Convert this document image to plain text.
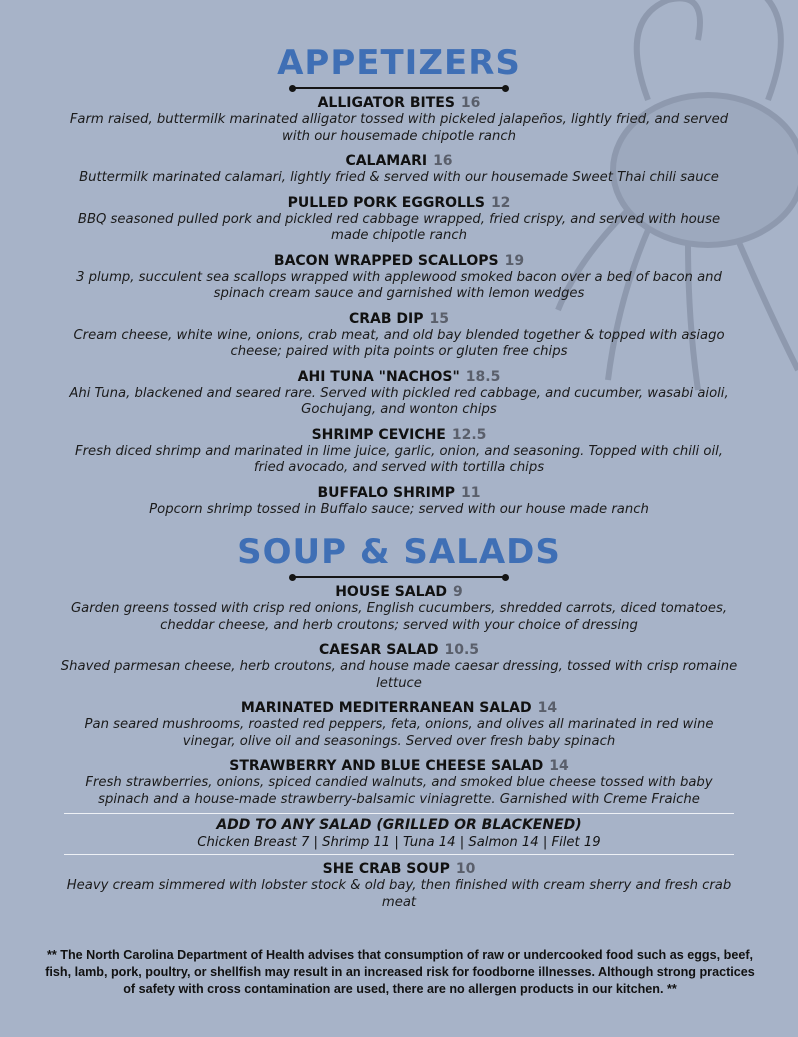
APPETIZERS
ALLIGATOR BITES 16
Farm raised, buttermilk marinated alligator tossed with pickeled jalapeños, lightly fried, and served with our housemade chipotle ranch
CALAMARI 16
Buttermilk marinated calamari, lightly fried & served with our housemade Sweet Thai chili sauce
PULLED PORK EGGROLLS 12
BBQ seasoned pulled pork and pickled red cabbage wrapped, fried crispy, and served with house made chipotle ranch
BACON WRAPPED SCALLOPS 19
3 plump, succulent sea scallops wrapped with applewood smoked bacon over a bed of bacon and spinach cream sauce and garnished with lemon wedges
CRAB DIP 15
Cream cheese, white wine, onions, crab meat, and old bay blended together & topped with asiago cheese; paired with pita points or gluten free chips
AHI TUNA "NACHOS" 18.5
Ahi Tuna, blackened and seared rare. Served with pickled red cabbage, and cucumber, wasabi aioli, Gochujang, and wonton chips
SHRIMP CEVICHE 12.5
Fresh diced shrimp and marinated in lime juice, garlic, onion, and seasoning. Topped with chili oil, fried avocado, and served with tortilla chips
BUFFALO SHRIMP 11
Popcorn shrimp tossed in Buffalo sauce; served with our house made ranch
SOUP & SALADS
HOUSE SALAD 9
Garden greens tossed with crisp red onions, English cucumbers, shredded carrots, diced tomatoes, cheddar cheese, and herb croutons; served with your choice of dressing
CAESAR SALAD 10.5
Shaved parmesan cheese, herb croutons, and house made caesar dressing, tossed with crisp romaine lettuce
MARINATED MEDITERRANEAN SALAD 14
Pan seared mushrooms, roasted red peppers, feta, onions, and olives all marinated in red wine vinegar, olive oil and seasonings. Served over fresh baby spinach
STRAWBERRY AND BLUE CHEESE SALAD 14
Fresh strawberries, onions, spiced candied walnuts, and smoked blue cheese tossed with baby spinach and a house-made strawberry-balsamic viniagrette. Garnished with Creme Fraiche
ADD TO ANY SALAD (GRILLED OR BLACKENED)
Chicken Breast 7 | Shrimp 11 | Tuna 14 | Salmon 14 | Filet 19
SHE CRAB SOUP 10
Heavy cream simmered with lobster stock & old bay, then finished with cream sherry and fresh crab meat
** The North Carolina Department of Health advises that consumption of raw or undercooked food such as eggs, beef, fish, lamb, pork, poultry, or shellfish may result in an increased risk for foodborne illnesses. Although strong practices of safety with cross contamination are used, there are no allergen products in our kitchen. **
